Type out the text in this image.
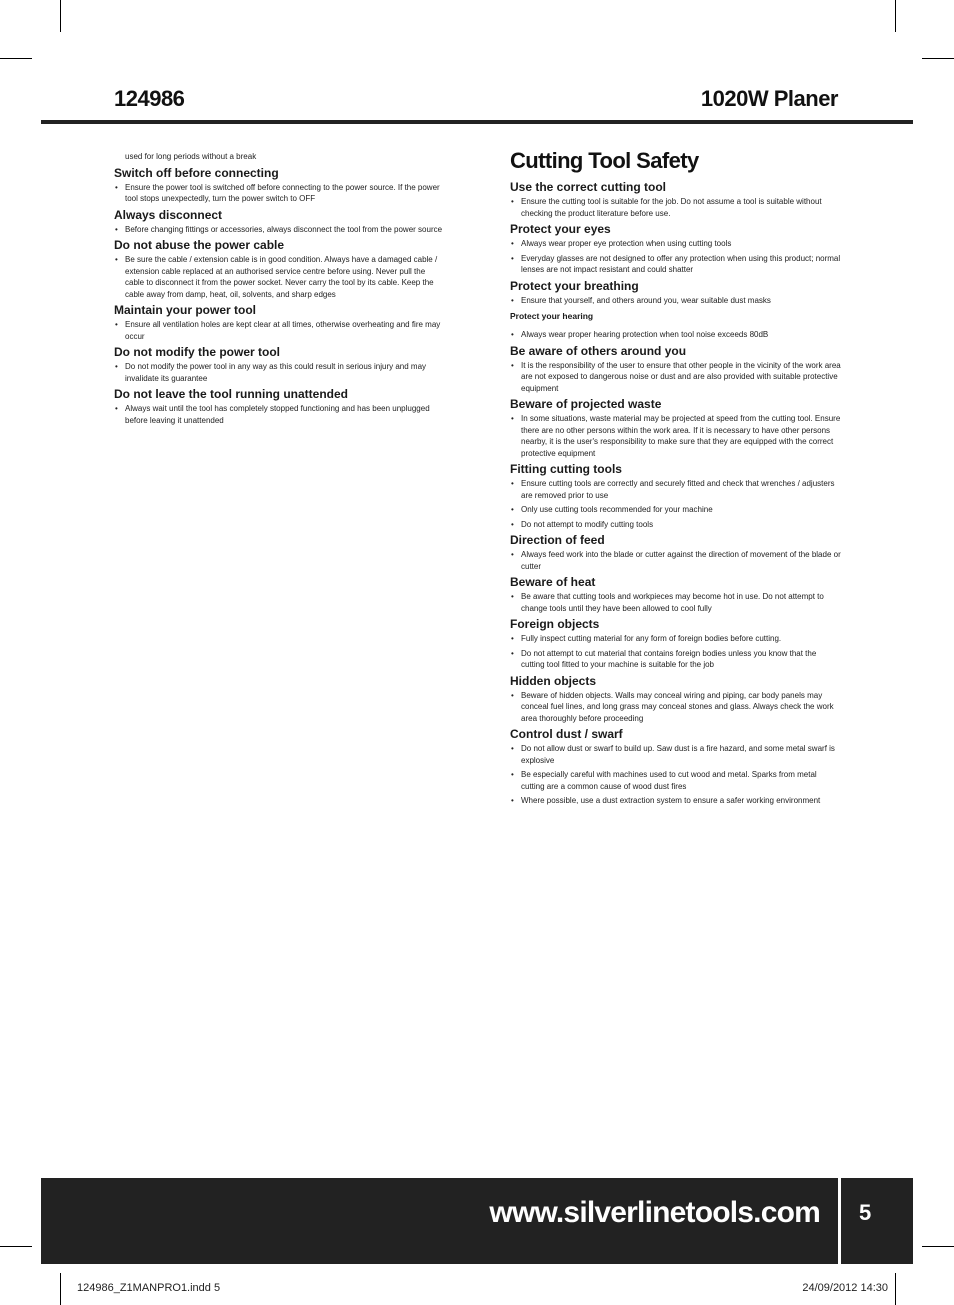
124986	1020W Planer
used for long periods without a break
Switch off before connecting
• Ensure the power tool is switched off before connecting to the power source. If the power tool stops unexpectedly, turn the power switch to OFF
Always disconnect
• Before changing fittings or accessories, always disconnect the tool from the power source
Do not abuse the power cable
• Be sure the cable / extension cable is in good condition. Always have a damaged cable / extension cable replaced at an authorised service centre before using. Never pull the cable to disconnect it from the power socket. Never carry the tool by its cable. Keep the cable away from damp, heat, oil, solvents, and sharp edges
Maintain your power tool
• Ensure all ventilation holes are kept clear at all times, otherwise overheating and fire may occur
Do not modify the power tool
• Do not modify the power tool in any way as this could result in serious injury and may invalidate its guarantee
Do not leave the tool running unattended
• Always wait until the tool has completely stopped functioning and has been unplugged before leaving it unattended
Cutting Tool Safety
Use the correct cutting tool
• Ensure the cutting tool is suitable for the job. Do not assume a tool is suitable without checking the product literature before use.
Protect your eyes
• Always wear proper eye protection when using cutting tools
• Everyday glasses are not designed to offer any protection when using this product; normal lenses are not impact resistant and could shatter
Protect your breathing
• Ensure that yourself, and others around you, wear suitable dust masks
Protect your hearing
• Always wear proper hearing protection when tool noise exceeds 80dB
Be aware of others around you
• It is the responsibility of the user to ensure that other people in the vicinity of the work area are not exposed to dangerous noise or dust and are also provided with suitable protective equipment
Beware of projected waste
• In some situations, waste material may be projected at speed from the cutting tool. Ensure there are no other persons within the work area. If it is necessary to have other persons nearby, it is the user's responsibility to make sure that they are equipped with the correct protective equipment
Fitting cutting tools
• Ensure cutting tools are correctly and securely fitted and check that wrenches / adjusters are removed prior to use
• Only use cutting tools recommended for your machine
• Do not attempt to modify cutting tools
Direction of feed
• Always feed work into the blade or cutter against the direction of movement of the blade or cutter
Beware of heat
• Be aware that cutting tools and workpieces may become hot in use. Do not attempt to change tools until they have been allowed to cool fully
Foreign objects
• Fully inspect cutting material for any form of foreign bodies before cutting.
• Do not attempt to cut material that contains foreign bodies unless you know that the cutting tool fitted to your machine is suitable for the job
Hidden objects
• Beware of hidden objects. Walls may conceal wiring and piping, car body panels may conceal fuel lines, and long grass may conceal stones and glass. Always check the work area thoroughly before proceeding
Control dust / swarf
• Do not allow dust or swarf to build up. Saw dust is a fire hazard, and some metal swarf is explosive
• Be especially careful with machines used to cut wood and metal. Sparks from metal cutting are a common cause of wood dust fires
• Where possible, use a dust extraction system to ensure a safer working environment
www.silverlinetools.com 5
124986_Z1MANPRO1.indd 5	24/09/2012 14:30
